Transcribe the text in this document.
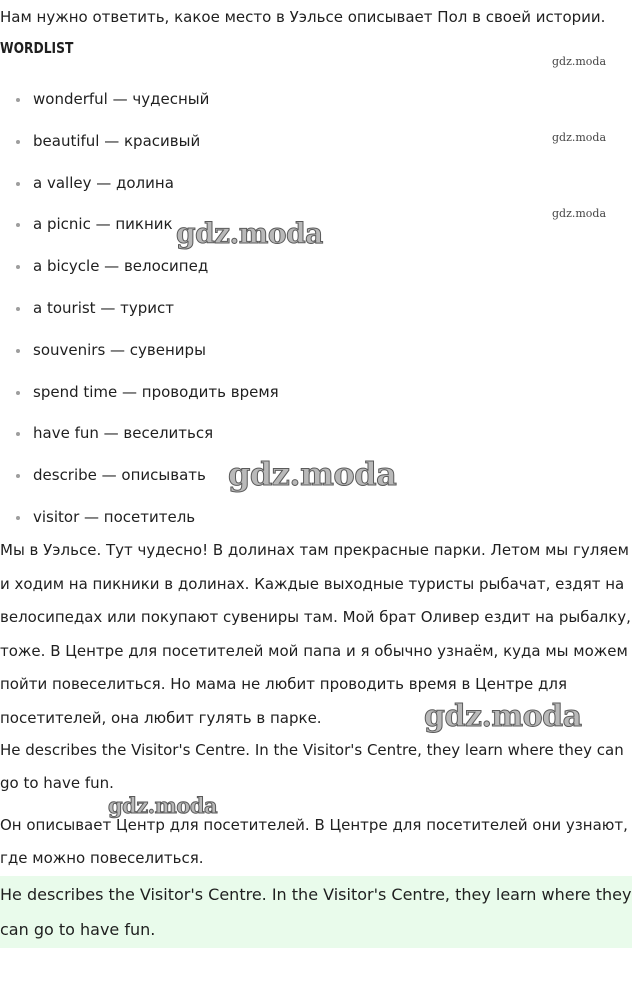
Нам нужно ответить, какое место в Уэльсе описывает Пол в своей истории.
WORDLIST
wonderful — чудесный
beautiful — красивый
a valley — долина
a picnic — пикник
a bicycle — велосипед
a tourist — турист
souvenirs — сувениры
spend time — проводить время
have fun — веселиться
describe — описывать
visitor — посетитель

Мы в Уэльсе. Тут чудесно! В долинах там прекрасные парки. Летом мы гуляем и ходим на пикники в долинах. Каждые выходные туристы рыбачат, ездят на велосипедах или покупают сувениры там. Мой брат Оливер ездит на рыбалку, тоже. В Центре для посетителей мой папа и я обычно узнаём, куда мы можем пойти повеселиться. Но мама не любит проводить время в Центре для посетителей, она любит гулять в парке.

He describes the Visitor's Centre. In the Visitor's Centre, they learn where they can go to have fun.

Он описывает Центр для посетителей. В Центре для посетителей они узнают, где можно повеселиться.

He describes the Visitor's Centre. In the Visitor's Centre, they learn where they can go to have fun.

gdz.moda
gdz.moda
gdz.moda
gdz.moda
gdz.moda
gdz.moda
gdz.moda
